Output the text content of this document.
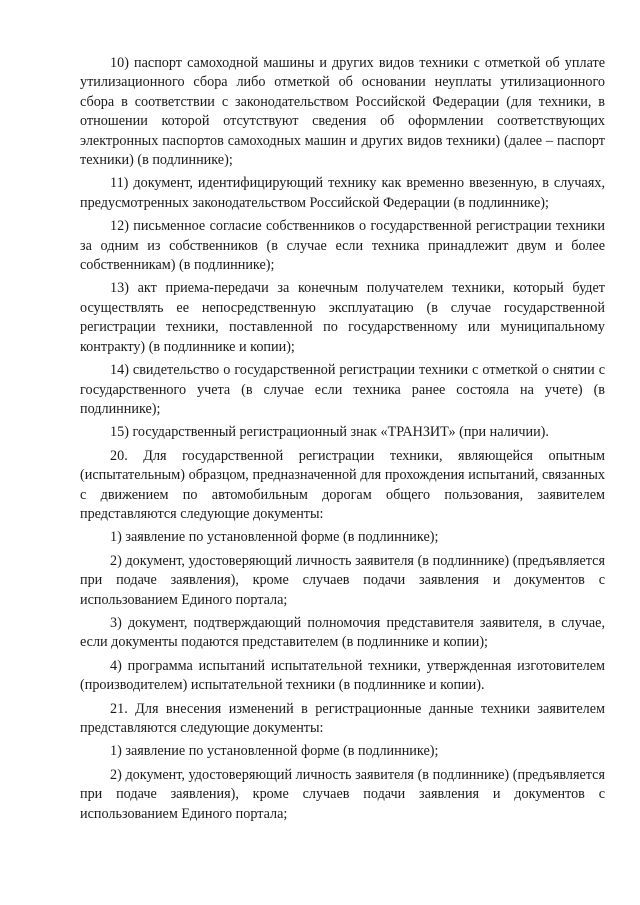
10) паспорт самоходной машины и других видов техники с отметкой об уплате утилизационного сбора либо отметкой об основании неуплаты утилизационного сбора в соответствии с законодательством Российской Федерации (для техники, в отношении которой отсутствуют сведения об оформлении соответствующих электронных паспортов самоходных машин и других видов техники) (далее – паспорт техники) (в подлиннике);

11) документ, идентифицирующий технику как временно ввезенную, в случаях, предусмотренных законодательством Российской Федерации (в подлиннике);

12) письменное согласие собственников о государственной регистрации техники за одним из собственников (в случае если техника принадлежит двум и более собственникам) (в подлиннике);

13) акт приема-передачи за конечным получателем техники, который будет осуществлять ее непосредственную эксплуатацию (в случае государственной регистрации техники, поставленной по государственному или муниципальному контракту) (в подлиннике и копии);

14) свидетельство о государственной регистрации техники с отметкой о снятии с государственного учета (в случае если техника ранее состояла на учете) (в подлиннике);

15) государственный регистрационный знак «ТРАНЗИТ» (при наличии).

20. Для государственной регистрации техники, являющейся опытным (испытательным) образцом, предназначенной для прохождения испытаний, связанных с движением по автомобильным дорогам общего пользования, заявителем представляются следующие документы:

1) заявление по установленной форме (в подлиннике);

2) документ, удостоверяющий личность заявителя (в подлиннике) (предъявляется при подаче заявления), кроме случаев подачи заявления и документов с использованием Единого портала;

3) документ, подтверждающий полномочия представителя заявителя, в случае, если документы подаются представителем (в подлиннике и копии);

4) программа испытаний испытательной техники, утвержденная изготовителем (производителем) испытательной техники (в подлиннике и копии).

21. Для внесения изменений в регистрационные данные техники заявителем представляются следующие документы:

1) заявление по установленной форме (в подлиннике);

2) документ, удостоверяющий личность заявителя (в подлиннике) (предъявляется при подаче заявления), кроме случаев подачи заявления и документов с использованием Единого портала;
